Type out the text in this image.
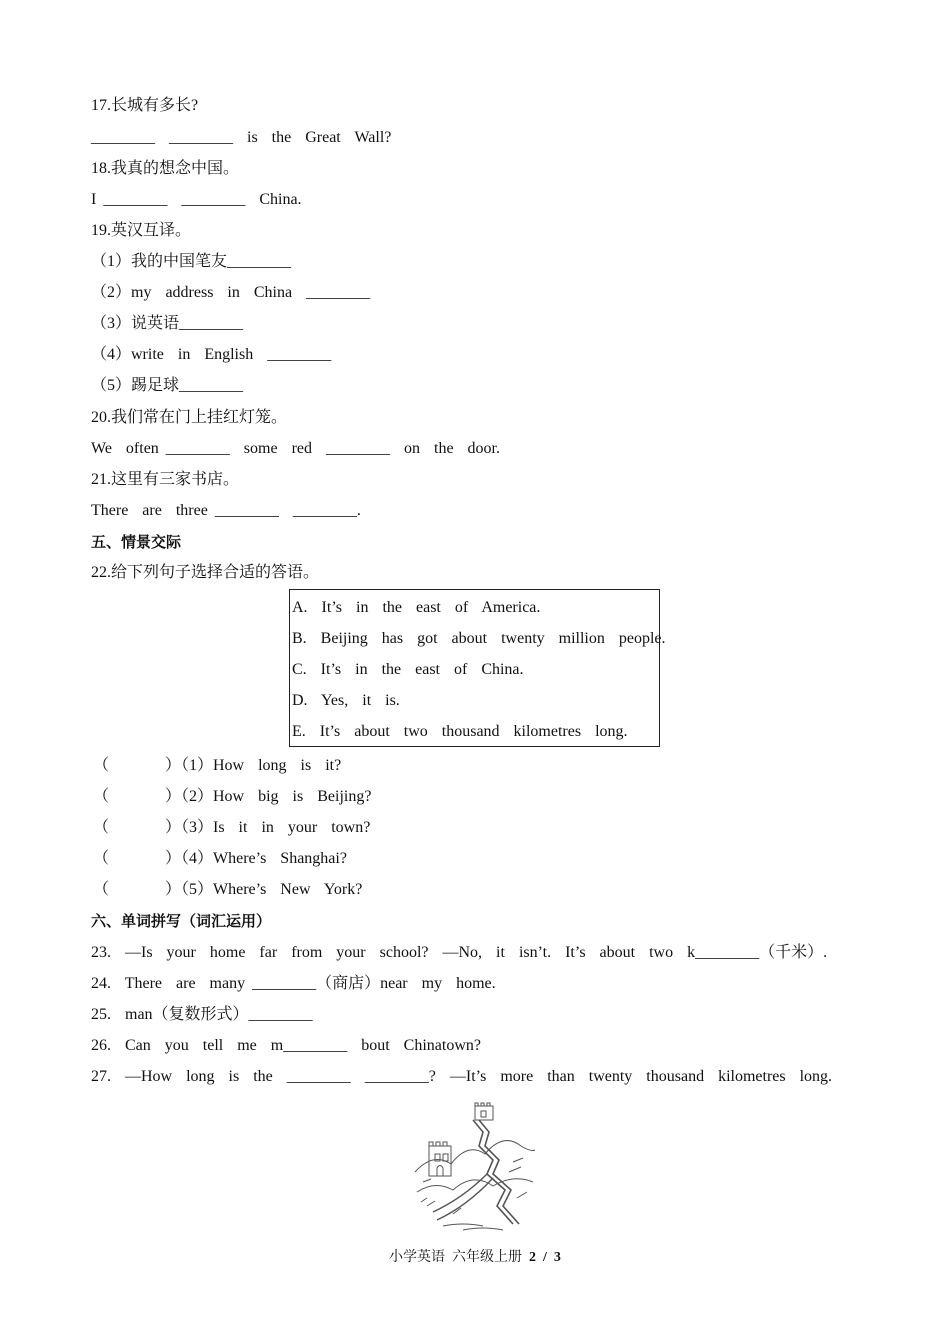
17.长城有多长?
________  ________  is  the  Great  Wall?
18.我真的想念中国。
I ________  ________  China.
19.英汉互译。
（1）我的中国笔友________
（2）my  address  in  China  ________
（3）说英语________
（4）write  in  English  ________
（5）踢足球________
20.我们常在门上挂红灯笼。
We  often ________  some  red  ________  on  the  door.
21.这里有三家书店。
There  are  three ________  ________.
五、情景交际
22.给下列句子选择合适的答语。
A.  It’s  in  the  east  of  America.
B.  Beijing  has  got  about  twenty  million  people.
C.  It’s  in  the  east  of  China.
D.  Yes,  it  is.
E.  It’s  about  two  thousand  kilometres  long.
（        ）（1）How  long  is  it?
（        ）（2）How  big  is  Beijing?
（        ）（3）Is  it  in  your  town?
（        ）（4）Where’s  Shanghai?
（        ）（5）Where’s  New  York?
六、单词拼写（词汇运用）
23.  —Is  your  home  far  from  your  school?  —No,  it  isn’t.  It’s  about  two  k________（千米）.
24.  There  are  many ________（商店）near  my  home.
25.  man（复数形式）________
26.  Can  you  tell  me  m________  bout  Chinatown?
27.  —How  long  is  the  ________  ________?  —It’s  more  than  twenty  thousand  kilometres  long.
小学英语  六年级上册 2  /  3
